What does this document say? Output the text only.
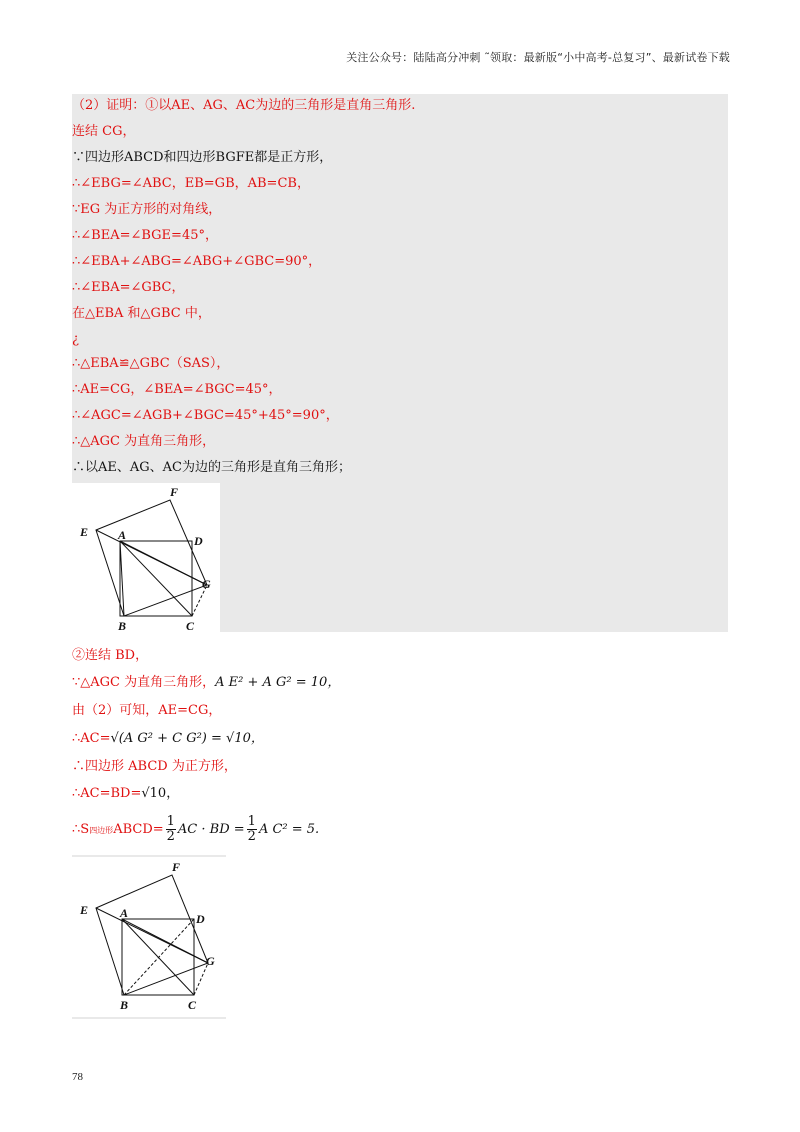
关注公众号：陆陆高分冲刺 ˜领取：最新版“小中高考-总复习”、最新试卷下载
（2）证明：①以AE、AG、AC为边的三角形是直角三角形.
连结 CG，
∵四边形ABCD和四边形BGFE都是正方形，
∴∠EBG=∠ABC，EB=GB，AB=CB，
∵EG 为正方形的对角线，
∴∠BEA=∠BGE=45°，
∴∠EBA+∠ABG=∠ABG+∠GBC=90°，
∴∠EBA=∠GBC，
在△EBA 和△GBC 中，
¿
∴△EBA≌△GBC（SAS），
∴AE=CG，∠BEA=∠BGC=45°，
∴∠AGC=∠AGB+∠BGC=45°+45°=90°，
∴△AGC 为直角三角形，
∴以AE、AG、AC为边的三角形是直角三角形；
F
E A	D
G
B	C
②连结 BD，
∵△AGC 为直角三角形，A E² + A G² = 10，
由（2）可知，AE=CG，
∴AC=√(A G² + C G²) = √10，
∴四边形 ABCD 为正方形，
∴AC=BD=√10，
∴S四边形ABCD= $\frac{1}{2}$ AC · BD = $\frac{1}{2}$ A C² = 5.
F
E	A	D
G
B	C
78
